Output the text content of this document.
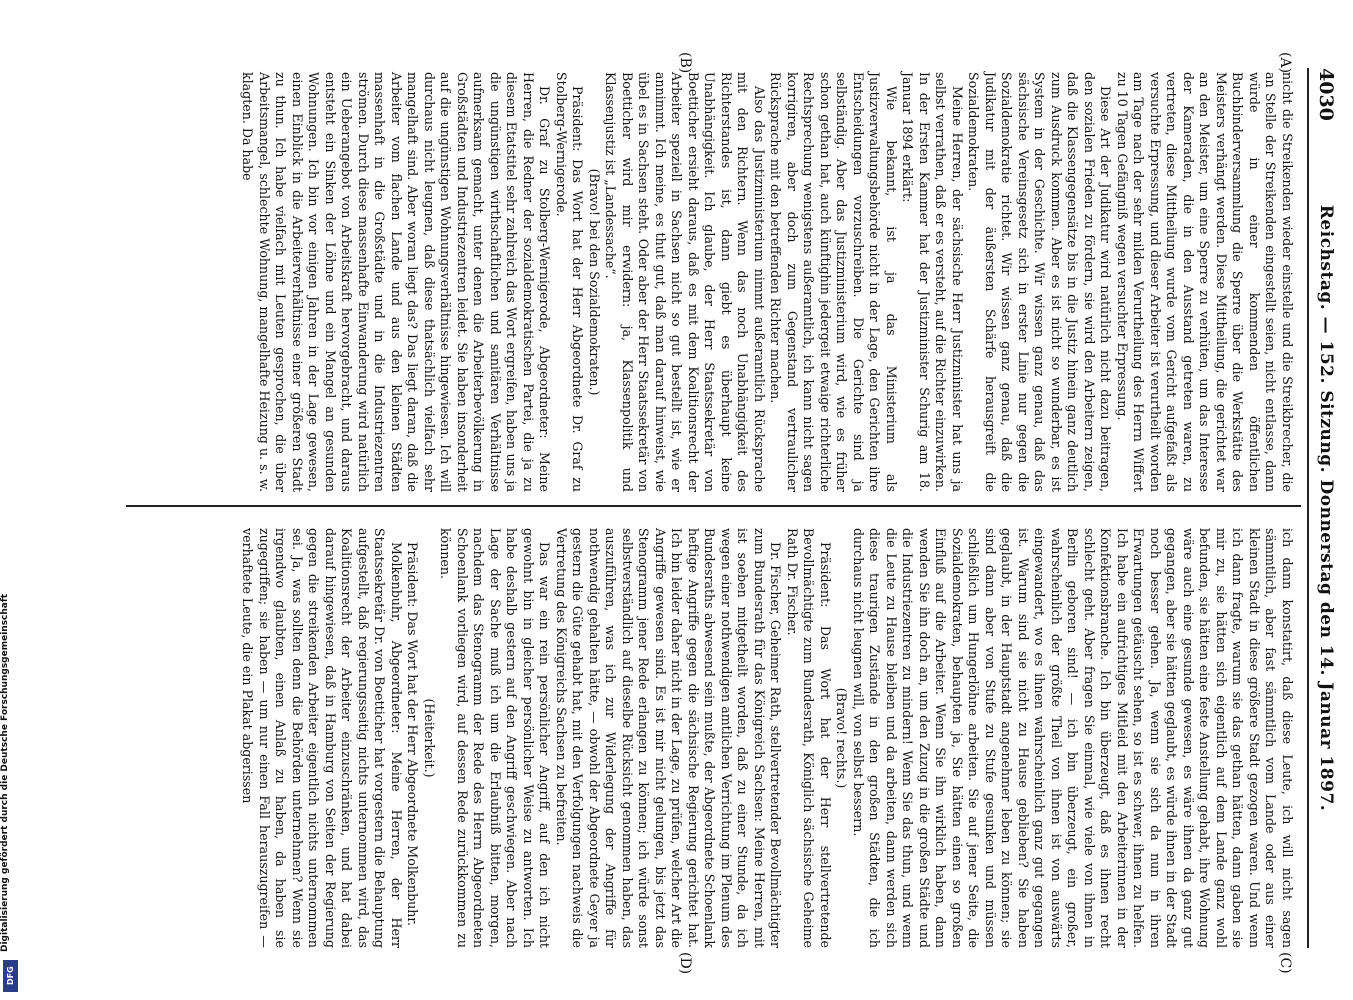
4030
Reichstag. — 152. Sitzung. Donnerstag den 14. Januar 1897.
(A)
(B)
(C)
(D)

nicht die Streikenden wieder einstelle und die Streikbrecher, die an Stelle der Streikenden eingestellt seien, nicht entlasse, dann würde in einer kommenden öffentlichen Buchbinderversammlung die Sperre über die Werkstätte des Meisters verhängt werden. Diese Mittheilung, die gerichtet war an den Meister, um eine Sperre zu verhüten, um das Interesse der Kameraden, die in den Ausstand getreten waren, zu vertreten, diese Mittheilung wurde vom Gericht aufgefaßt als versuchte Erpressung, und dieser Arbeiter ist verurtheilt worden am Tage nach der sehr milden Verurtheilung des Herrn Wiffert zu 10 Tagen Gefängniß wegen versuchter Erpressung.

Diese Art der Judikatur wird natürlich nicht dazu beitragen, den sozialen Frieden zu fördern, sie wird den Arbeitern zeigen, daß die Klassengegensätze bis in die Justiz hinein ganz deutlich zum Ausdruck kommen. Aber es ist nicht so wunderbar, es ist System in der Geschichte. Wir wissen ganz genau, daß das sächsische Vereinsgesetz sich in erster Linie nur gegen die Sozialdemokratie richtet. Wir wissen ganz genau, daß die Judikatur mit der äußersten Schärfe herausgreift die Sozialdemokraten.

Meine Herren, der sächsische Herr Justizminister hat uns ja selbst verrathen, daß er es versteht, auf die Richter einzuwirken. In der Ersten Kammer hat der Justizminister Schurig am 18. Januar 1894 erklärt:

Wie bekannt, ist ja das Ministerium als Justizverwaltungsbehörde nicht in der Lage, den Gerichten ihre Entscheidungen vorzuschreiben. Die Gerichte sind ja selbständig. Aber das Justizministerium wird, wie es früher schon gethan hat, auch künftighin jedergeit etwaige richterliche Rechtsprechung wenigstens außeramtlich, ich kann nicht sagen korrigiren, aber doch zum Gegenstand vertraulicher Rücksprache mit den betreffenden Richter machen.

Also das Justizministerium nimmt außeramtlich Rücksprache mit den Richtern. Wenn das noch Unabhängigkeit des Richterstandes ist, dann giebt es überhaupt keine Unabhängigkeit. Ich glaube, der Herr Staatssekretär von Boetticher ersieht daraus, daß es mit dem Koalitionsrecht der Arbeiter speziell in Sachsen nicht so gut bestellt ist, wie er annimmt. Ich meine, es thut gut, daß man darauf hinweist, wie übel es in Sachsen steht. Oder aber der Herr Staatssekretär von Boetticher wird mir erwidern: ja, Klassenpolitik und Klassenjustiz ist „Landessache“.

(Bravo! bei den Sozialdemokraten.)

Präsident: Das Wort hat der Herr Abgeordnete Dr. Graf zu Stolberg-Wernigerode.

Dr. Graf zu Stolberg-Wernigerode, Abgeordneter: Meine Herren, die Redner der sozialdemokratischen Partei, die ja zu diesem Etatstitel sehr zahlreich das Wort ergreifen, haben uns ja die ungünstigen wirthschaftlichen und sanitären Verhältnisse aufmerksam gemacht, unter denen die Arbeiterbevölkerung in Großstädten und Industriezentren leidet. Sie haben insonderheit auf die ungünstigen Wohnungsverhältnisse hingewiesen. Ich will durchaus nicht leugnen, daß diese thatsächlich vielfach sehr mangelhaft sind. Aber woran liegt das? Das liegt daran, daß die Arbeiter vom flachen Lande und aus den kleinen Städten massenhaft in die Großstädte und in die Industriezentren strömen. Durch diese massenhafte Einwanderung wird natürlich ein Ueberangebot von Arbeitskraft hervorgebracht, und daraus entsteht ein Sinken der Löhne und ein Mangel an gesunden Wohnungen. Ich bin vor einigen Jahren in der Lage gewesen, einen Einblick in die Arbeiterverhältnisse einer größeren Stadt zu thun. Ich habe vielfach mit Leuten gesprochen, die über Arbeitsmangel, schlechte Wohnung, mangelhafte Heizung u. s. w. klagten. Da habe

ich dann konstatirt, daß diese Leute, ich will nicht sagen sämmtlich, aber fast sämmtlich vom Lande oder aus einer kleinen Stadt in diese größere Stadt gezogen waren. Und wenn ich dann fragte, warum sie das gethan hätten, dann gaben sie mir zu, sie hätten sich eigentlich auf dem Lande ganz wohl befunden, sie hätten eine feste Anstellung gehabt, ihre Wohnung wäre auch eine gesunde gewesen, es wäre ihnen da ganz gut gegangen, aber sie hätten geglaubt, es würde ihnen in der Stadt noch besser gehen. Ja, wenn sie sich da nun in ihren Erwartungen getäuscht sehen, so ist es schwer, ihnen zu helfen. Ich habe ein aufrichtiges Mitleid mit den Arbeiterinnen in der Konfektionsbranche. Ich bin überzeugt, daß es ihnen recht schlecht geht. Aber fragen Sie einmal, wie viele von ihnen in Berlin geboren sind! — ich bin überzeugt, ein großer, wahrscheinlich der größte Theil von ihnen ist von auswärts eingewandert, wo es ihnen wahrscheinlich ganz gut gegangen ist. Warum sind sie nicht zu Hause geblieben? Sie haben geglaubt, in der Hauptstadt angenehmer leben zu können; sie sind dann aber von Stufe zu Stufe gesunken und müssen schließlich um Hungerlöhne arbeiten. Sie auf jener Seite, die Sozialdemokraten, behaupten ja, Sie hätten einen so großen Einfluß auf die Arbeiter. Wenn Sie ihn wirklich haben, dann wenden Sie ihn doch an, um den Zuzug in die großen Städte und die Industriezentren zu mindern! Wenn Sie das thun, und wenn die Leute zu Hause bleiben und da arbeiten, dann werden sich diese traurigen Zustände in den großen Städten, die ich durchaus nicht leugnen will, von selbst bessern.

(Bravo! rechts.)

Präsident: Das Wort hat der Herr stellvertretende Bevollmächtigte zum Bundesrath, Königlich sächsische Geheime Rath Dr. Fischer.

Dr. Fischer, Geheimer Rath, stellvertretender Bevollmächtigter zum Bundesrath für das Königreich Sachsen: Meine Herren, mit ist soeben mitgetheilt worden, daß zu einer Stunde, da ich wegen einer nothwendigen amtlichen Verrichtung im Plenum des Bundesraths abwesend sein mußte, der Abgeordnete Schoenlank heftige Angriffe gegen die sächsische Regierung gerichtet hat. Ich bin leider daher nicht in der Lage, zu prüfen, welcher Art die Angriffe gewesen sind. Es ist mir nicht gelungen, bis jetzt das Stenogramm jener Rede erlangen zu können; ich würde sonst selbstverständlich auf dieselbe Rücksicht genommen haben, das auszuführen, was ich zur Widerlegung der Angriffe für nothwendig gehalten hätte, — obwohl der Abgeordnete Geyer ja gestern die Güte gehabt hat, mit den Verfolgungen nachweis die Vertretung des Königreichs Sachsen zu befreiten.

Das war ein rein persönlicher Angriff, auf den ich nicht gewohnt bin in gleicher persönlicher Weise zu antworten. Ich habe deshalb gestern auf den Angriff geschwiegen. Aber nach Lage der Sache muß ich um die Erlaubniß bitten, morgen, nachdem das Stenogramm der Rede des Herrn Abgeordneten Schoenlank vorliegen wird, auf dessen Rede zurückkommen zu können.

(Heiterkeit.)

Präsident: Das Wort hat der Herr Abgeordnete Molkenbuhr.

Molkenbuhr, Abgeordneter: Meine Herren, der Herr Staatssekretär Dr. von Boetticher hat vorgestern die Behauptung aufgestellt, daß regierungsseitig nichts unternommen wird, das Koalitionsrecht der Arbeiter einzuschränken, und hat dabei darauf hingewiesen, daß in Hamburg von Seiten der Regierung gegen die streikenden Arbeiter eigentlich nichts unternommen sei. Ja, was sollten denn die Behörden unternehmen? Wenn sie irgendwo glaubten, einen Anlaß zu haben, da haben sie zugegriffen; sie haben — um nur einen Fall herauszugreifen — verhaftete Leute, die ein Plakat abgerissen

Digitalisierung gefördert durch die Deutsche Forschungsgemeinschaft
DFG
